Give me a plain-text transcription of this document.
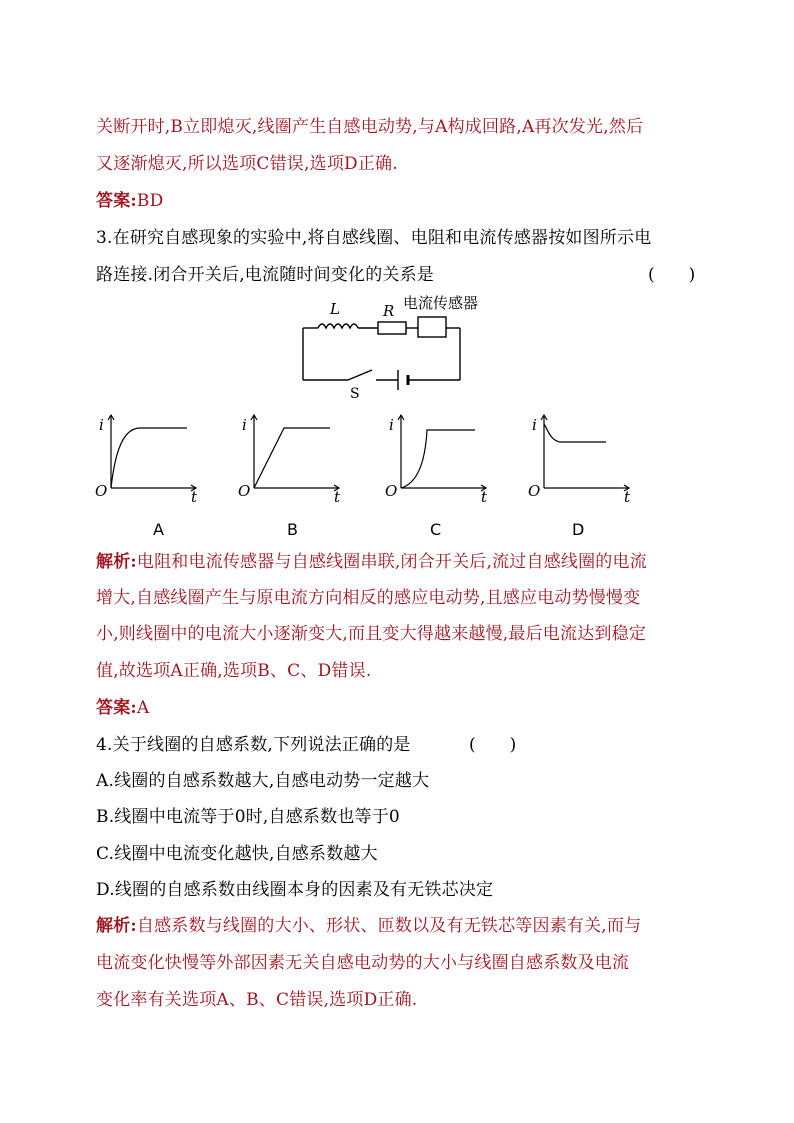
关断开时,B立即熄灭,线圈产生自感电动势,与A构成回路,A再次发光,然后
又逐渐熄灭,所以选项C错误,选项D正确.
答案:BD
3.在研究自感现象的实验中,将自感线圈、电阻和电流传感器按如图所示电
路连接.闭合开关后,电流随时间变化的关系是	(　　)
L	R 电流传感器
S
i
O	t
i
O	t
i
O	t
i
O	t
A	B	C	D
解析:电阻和电流传感器与自感线圈串联,闭合开关后,流过自感线圈的电流
增大,自感线圈产生与原电流方向相反的感应电动势,且感应电动势慢慢变
小,则线圈中的电流大小逐渐变大,而且变大得越来越慢,最后电流达到稳定
值,故选项A正确,选项B、C、D错误.
答案:A
4.关于线圈的自感系数,下列说法正确的是	(　　)
A.线圈的自感系数越大,自感电动势一定越大
B.线圈中电流等于0时,自感系数也等于0
C.线圈中电流变化越快,自感系数越大
D.线圈的自感系数由线圈本身的因素及有无铁芯决定
解析:自感系数与线圈的大小、形状、匝数以及有无铁芯等因素有关,而与
电流变化快慢等外部因素无关自感电动势的大小与线圈自感系数及电流
变化率有关选项A、B、C错误,选项D正确.
